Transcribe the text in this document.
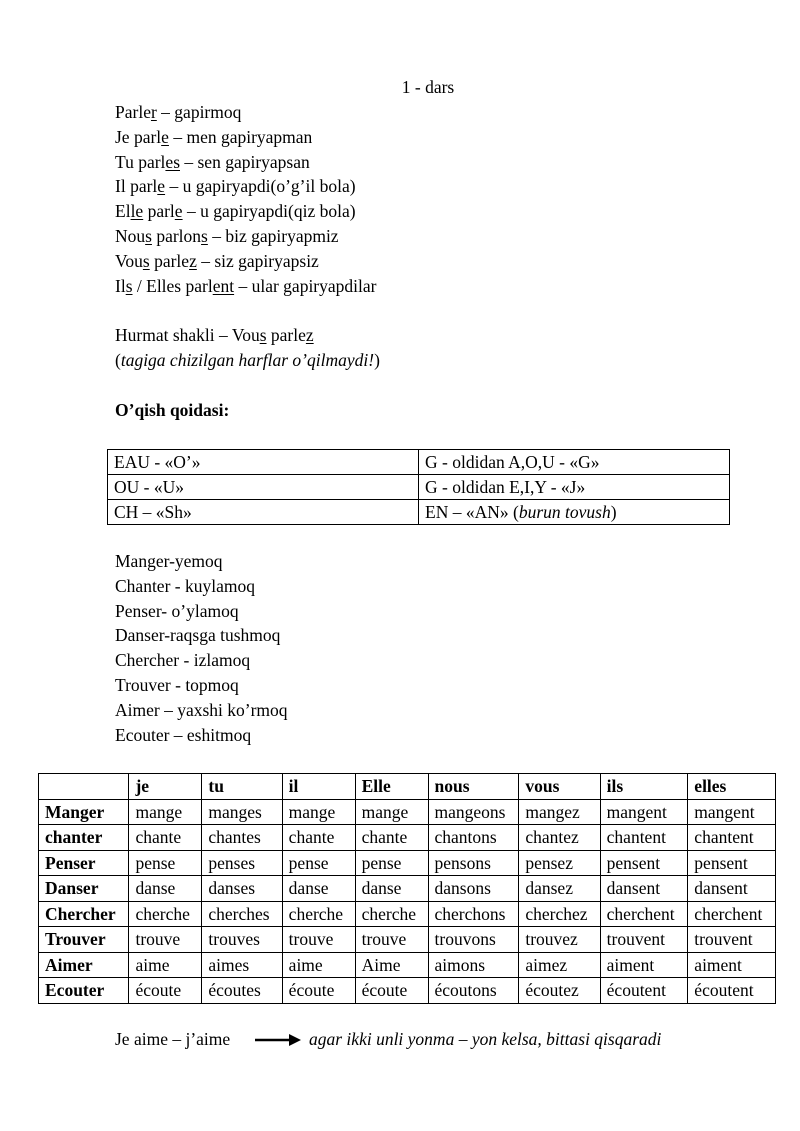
1 - dars
Parler – gapirmoq
Je parle – men gapiryapman
Tu parles – sen gapiryapsan
Il parle – u gapiryapdi(o’g’il bola)
Elle parle – u gapiryapdi(qiz bola)
Nous parlons – biz gapiryapmiz
Vous parlez – siz gapiryapsiz
Ils / Elles parlent – ular gapiryapdilar
Hurmat shakli – Vous parlez
(tagiga chizilgan harflar o’qilmaydi!)
O’qish qoidasi:
EAU - «O’»	G - oldidan A,O,U - «G»
OU - «U»	G - oldidan E,I,Y - «J»
CH – «Sh»	EN – «AN» (burun tovush)
Manger-yemoq
Chanter - kuylamoq
Penser- o’ylamoq
Danser-raqsga tushmoq
Chercher - izlamoq
Trouver - topmoq
Aimer – yaxshi ko’rmoq
Ecouter – eshitmoq
	je	tu	il	Elle	nous	vous	ils	elles
Manger	mange	manges	mange	mange	mangeons	mangez	mangent	mangent
chanter	chante	chantes	chante	chante	chantons	chantez	chantent	chantent
Penser	pense	penses	pense	pense	pensons	pensez	pensent	pensent
Danser	danse	danses	danse	danse	dansons	dansez	dansent	dansent
Chercher	cherche	cherches	cherche	cherche	cherchons	cherchez	cherchent	cherchent
Trouver	trouve	trouves	trouve	trouve	trouvons	trouvez	trouvent	trouvent
Aimer	aime	aimes	aime	Aime	aimons	aimez	aiment	aiment
Ecouter	écoute	écoutes	écoute	écoute	écoutons	écoutez	écoutent	écoutent
Je aime – j’aime	agar ikki unli yonma – yon kelsa, bittasi qisqaradi
